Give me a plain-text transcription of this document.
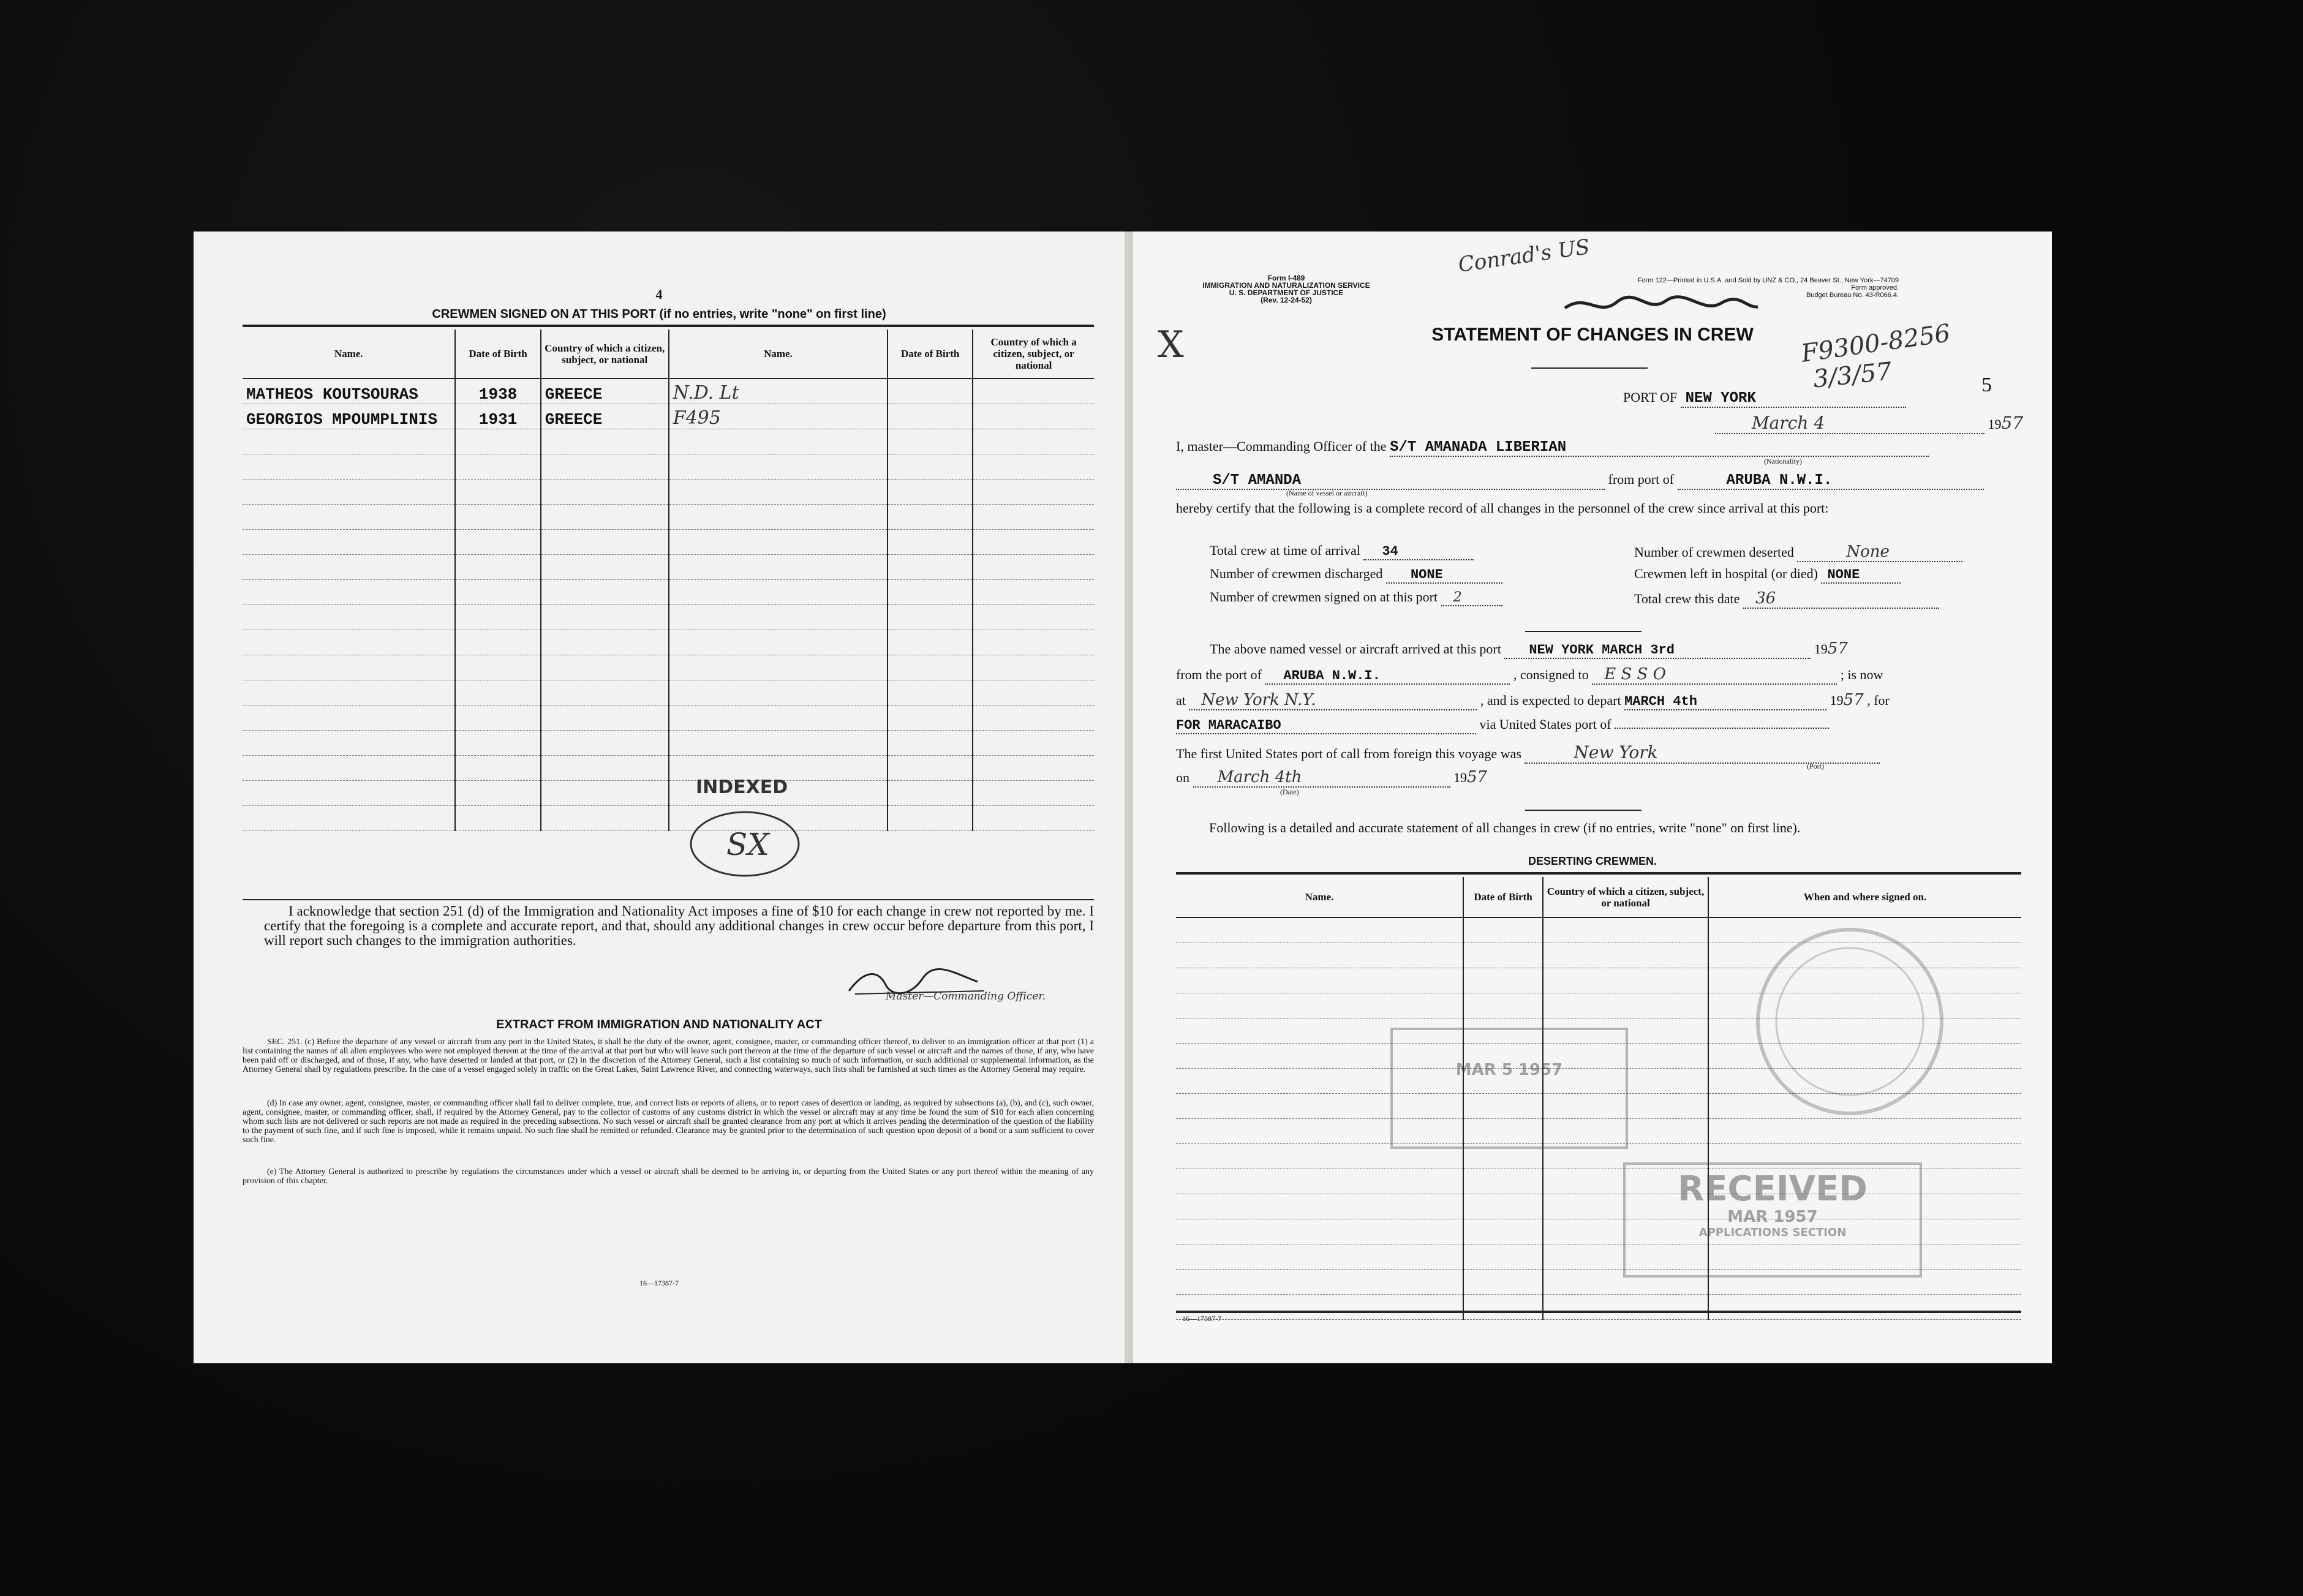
4
CREWMEN SIGNED ON AT THIS PORT (if no entries, write "none" on first line)
Name.	Date of Birth	Country of which a citizen, subject, or national	Name.	Date of Birth	Country of which a citizen, subject, or national
MATHEOS KOUTSOURAS	1938	GREECE	N.D. Lt		
GEORGIOS MPOUMPLINIS	1931	GREECE	F495		

INDEXED
SX
I acknowledge that section 251 (d) of the Immigration and Nationality Act imposes a fine of $10 for each change in crew not reported by me. I certify that the foregoing is a complete and accurate report, and that, should any additional changes in crew occur before departure from this port, I will report such changes to the immigration authorities.
Master—Commanding Officer.
EXTRACT FROM IMMIGRATION AND NATIONALITY ACT
SEC. 251. (c) Before the departure of any vessel or aircraft from any port in the United States, it shall be the duty of the owner, agent, consignee, master, or commanding officer thereof, to deliver to an immigration officer at that port (1) a list containing the names of all alien employees who were not employed thereon at the time of the arrival at that port but who will leave such port thereon at the time of the departure of such vessel or aircraft and the names of those, if any, who have been paid off or discharged, and of those, if any, who have deserted or landed at that port, or (2) in the discretion of the Attorney General, such a list containing so much of such information, or such additional or supplemental information, as the Attorney General shall by regulations prescribe. In the case of a vessel engaged solely in traffic on the Great Lakes, Saint Lawrence River, and connecting waterways, such lists shall be furnished at such times as the Attorney General may require.
(d) In case any owner, agent, consignee, master, or commanding officer shall fail to deliver complete, true, and correct lists or reports of aliens, or to report cases of desertion or landing, as required by subsections (a), (b), and (c), such owner, agent, consignee, master, or commanding officer, shall, if required by the Attorney General, pay to the collector of customs of any customs district in which the vessel or aircraft may at any time be found the sum of $10 for each alien concerning whom such lists are not delivered or such reports are not made as required in the preceding subsections. No such vessel or aircraft shall be granted clearance from any port at which it arrives pending the determination of the question of the liability to the payment of such fine, and if such fine is imposed, while it remains unpaid. No such fine shall be remitted or refunded. Clearance may be granted prior to the determination of such question upon deposit of a bond or a sum sufficient to cover such fine.
(e) The Attorney General is authorized to prescribe by regulations the circumstances under which a vessel or aircraft shall be deemed to be arriving in, or departing from the United States or any port thereof within the meaning of any provision of this chapter.
16—17387-7
Form I-489
IMMIGRATION AND NATURALIZATION SERVICE
U. S. DEPARTMENT OF JUSTICE
(Rev. 12-24-52)
Form 122—Printed in U.S.A. and Sold by UNZ & CO., 24 Beaver St., New York—74709
Form approved.
Budget Bureau No. 43-R066.4.
Conrad's US
F9300-8256
3/3/57	5
X	STATEMENT OF CHANGES IN CREW
PORT OF NEW YORK
March 4	1957
I, master—Commanding Officer of the S/T AMANADA LIBERIAN
(Nationality)
S/T AMANDA	from port of	ARUBA N.W.I.
(Name of vessel or aircraft)
hereby certify that the following is a complete record of all changes in the personnel of the crew since arrival at this port:
Total crew at time of arrival 34	Number of crewmen deserted	None
Number of crewmen discharged NONE	Crewmen left in hospital (or died) NONE
Number of crewmen signed on at this port 2	Total crew this date 36
The above named vessel or aircraft arrived at this port NEW YORK MARCH 3rd	1957
from the port of ARUBA N.W.I.	, consigned to E S S O	; is now
at New York N.Y.	, and is expected to depart MARCH 4th	1957 , for
FOR MARACAIBO	via United States port of
The first United States port of call from foreign this voyage was	New York
(Port)
on March 4th	1957
(Date)
Following is a detailed and accurate statement of all changes in crew (if no entries, write "none" on first line).
DESERTING CREWMEN.
Name.	Date of Birth	Country of which a citizen, subject, or national	When and where signed on.

16—17387-7
MAR 5 1957
RECEIVED
MAR 1957
APPLICATIONS SECTION
